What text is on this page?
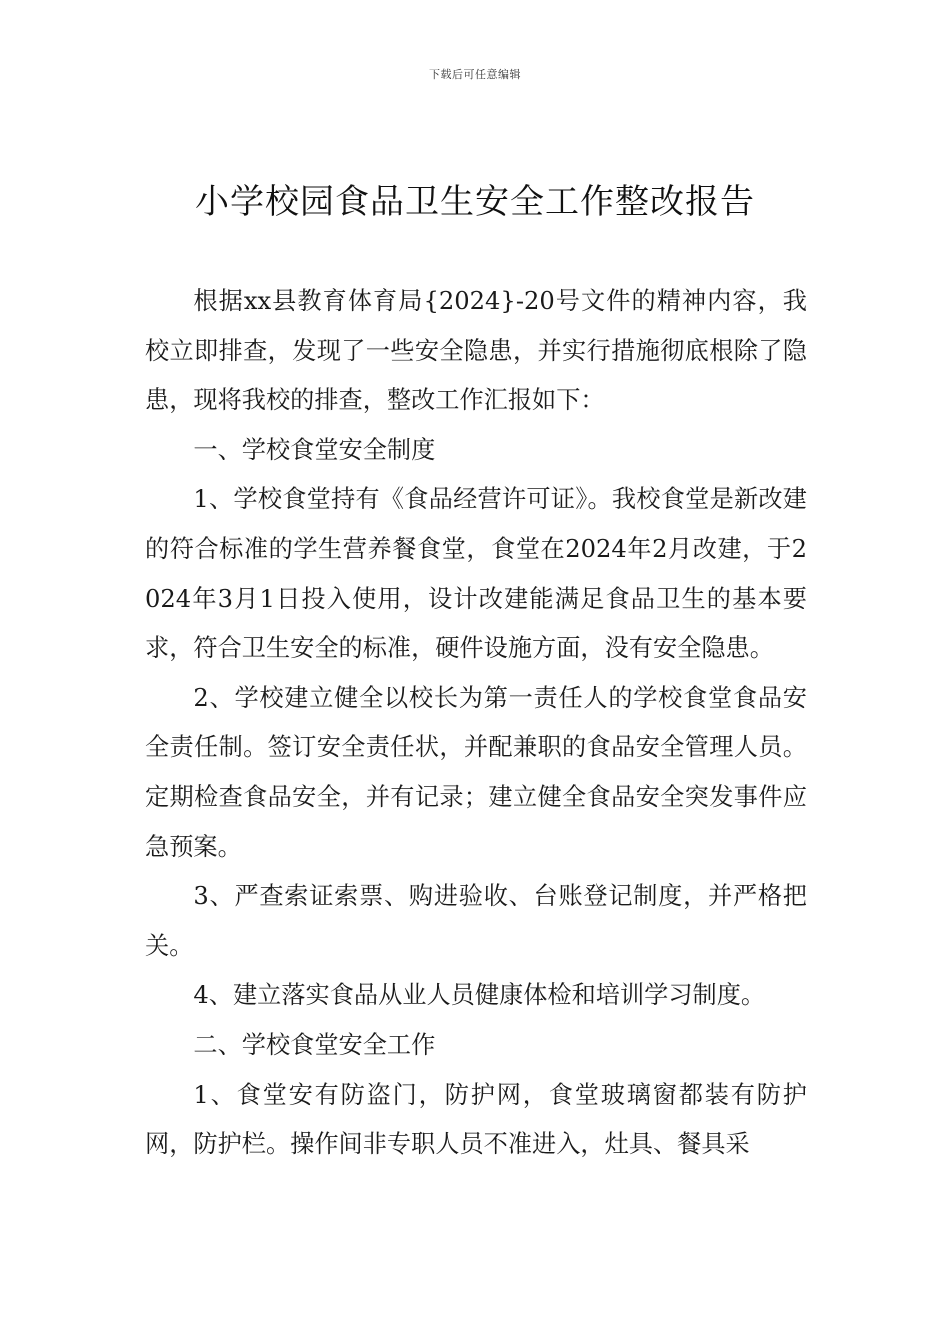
下载后可任意编辑
小学校园食品卫生安全工作整改报告

根据xx县教育体育局{2024}-20号文件的精神内容，我校立即排查，发现了一些安全隐患，并实行措施彻底根除了隐患，现将我校的排查，整改工作汇报如下：

一、学校食堂安全制度

1、学校食堂持有《食品经营许可证》。我校食堂是新改建的符合标准的学生营养餐食堂，食堂在2024年2月改建，于2024年3月1日投入使用，设计改建能满足食品卫生的基本要求，符合卫生安全的标准，硬件设施方面，没有安全隐患。

2、学校建立健全以校长为第一责任人的学校食堂食品安全责任制。签订安全责任状，并配兼职的食品安全管理人员。定期检查食品安全，并有记录；建立健全食品安全突发事件应急预案。

3、严查索证索票、购进验收、台账登记制度，并严格把关。

4、建立落实食品从业人员健康体检和培训学习制度。

二、学校食堂安全工作

1、食堂安有防盗门，防护网，食堂玻璃窗都装有防护网，防护栏。操作间非专职人员不准进入，灶具、餐具采
